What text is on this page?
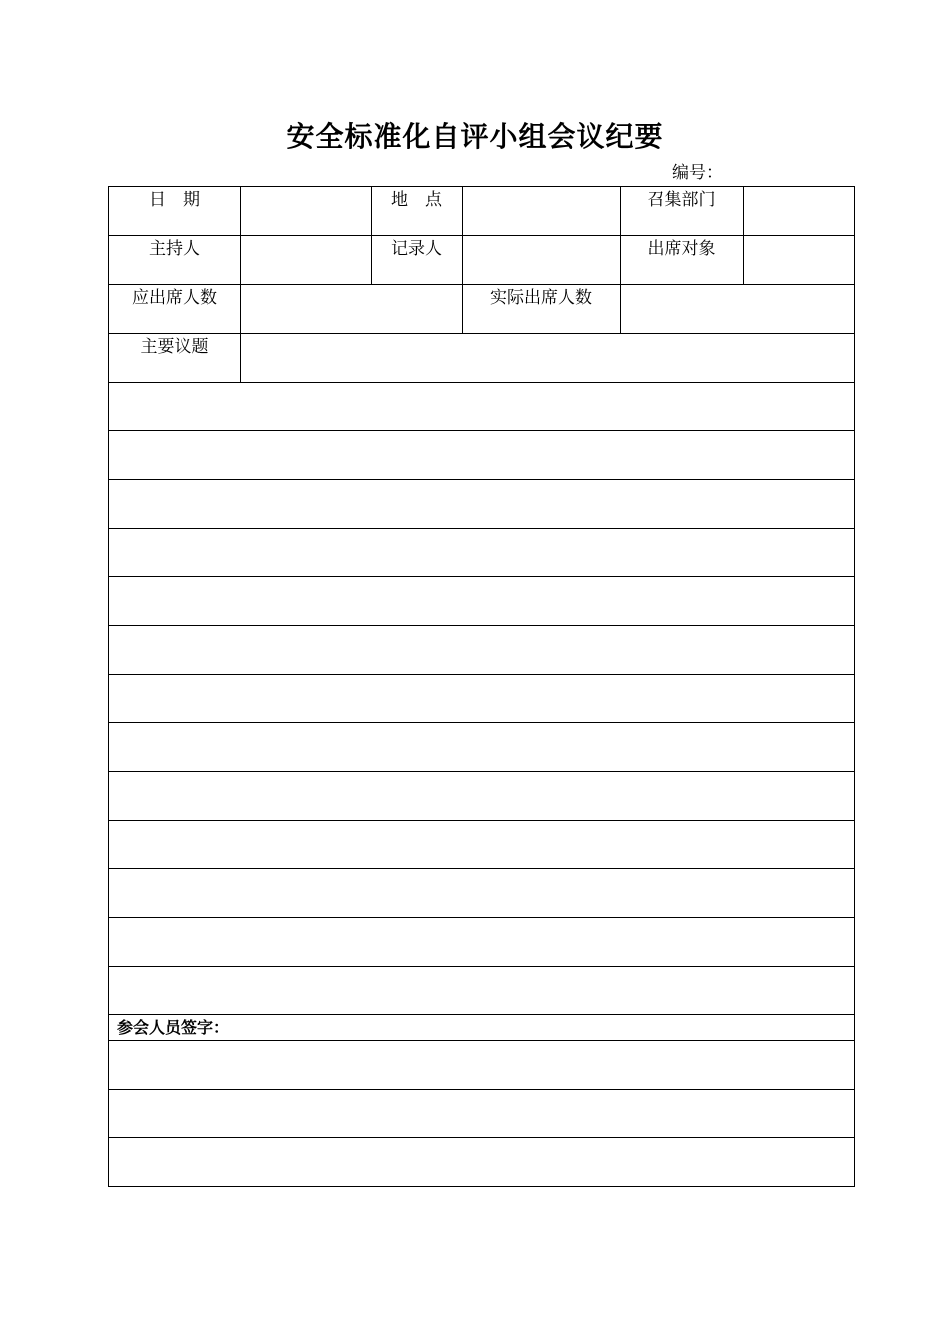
安全标准化自评小组会议纪要
编号：
日　期	地　点	召集部门
主持人	记录人	出席对象
应出席人数	实际出席人数
主要议题
参会人员签字：
